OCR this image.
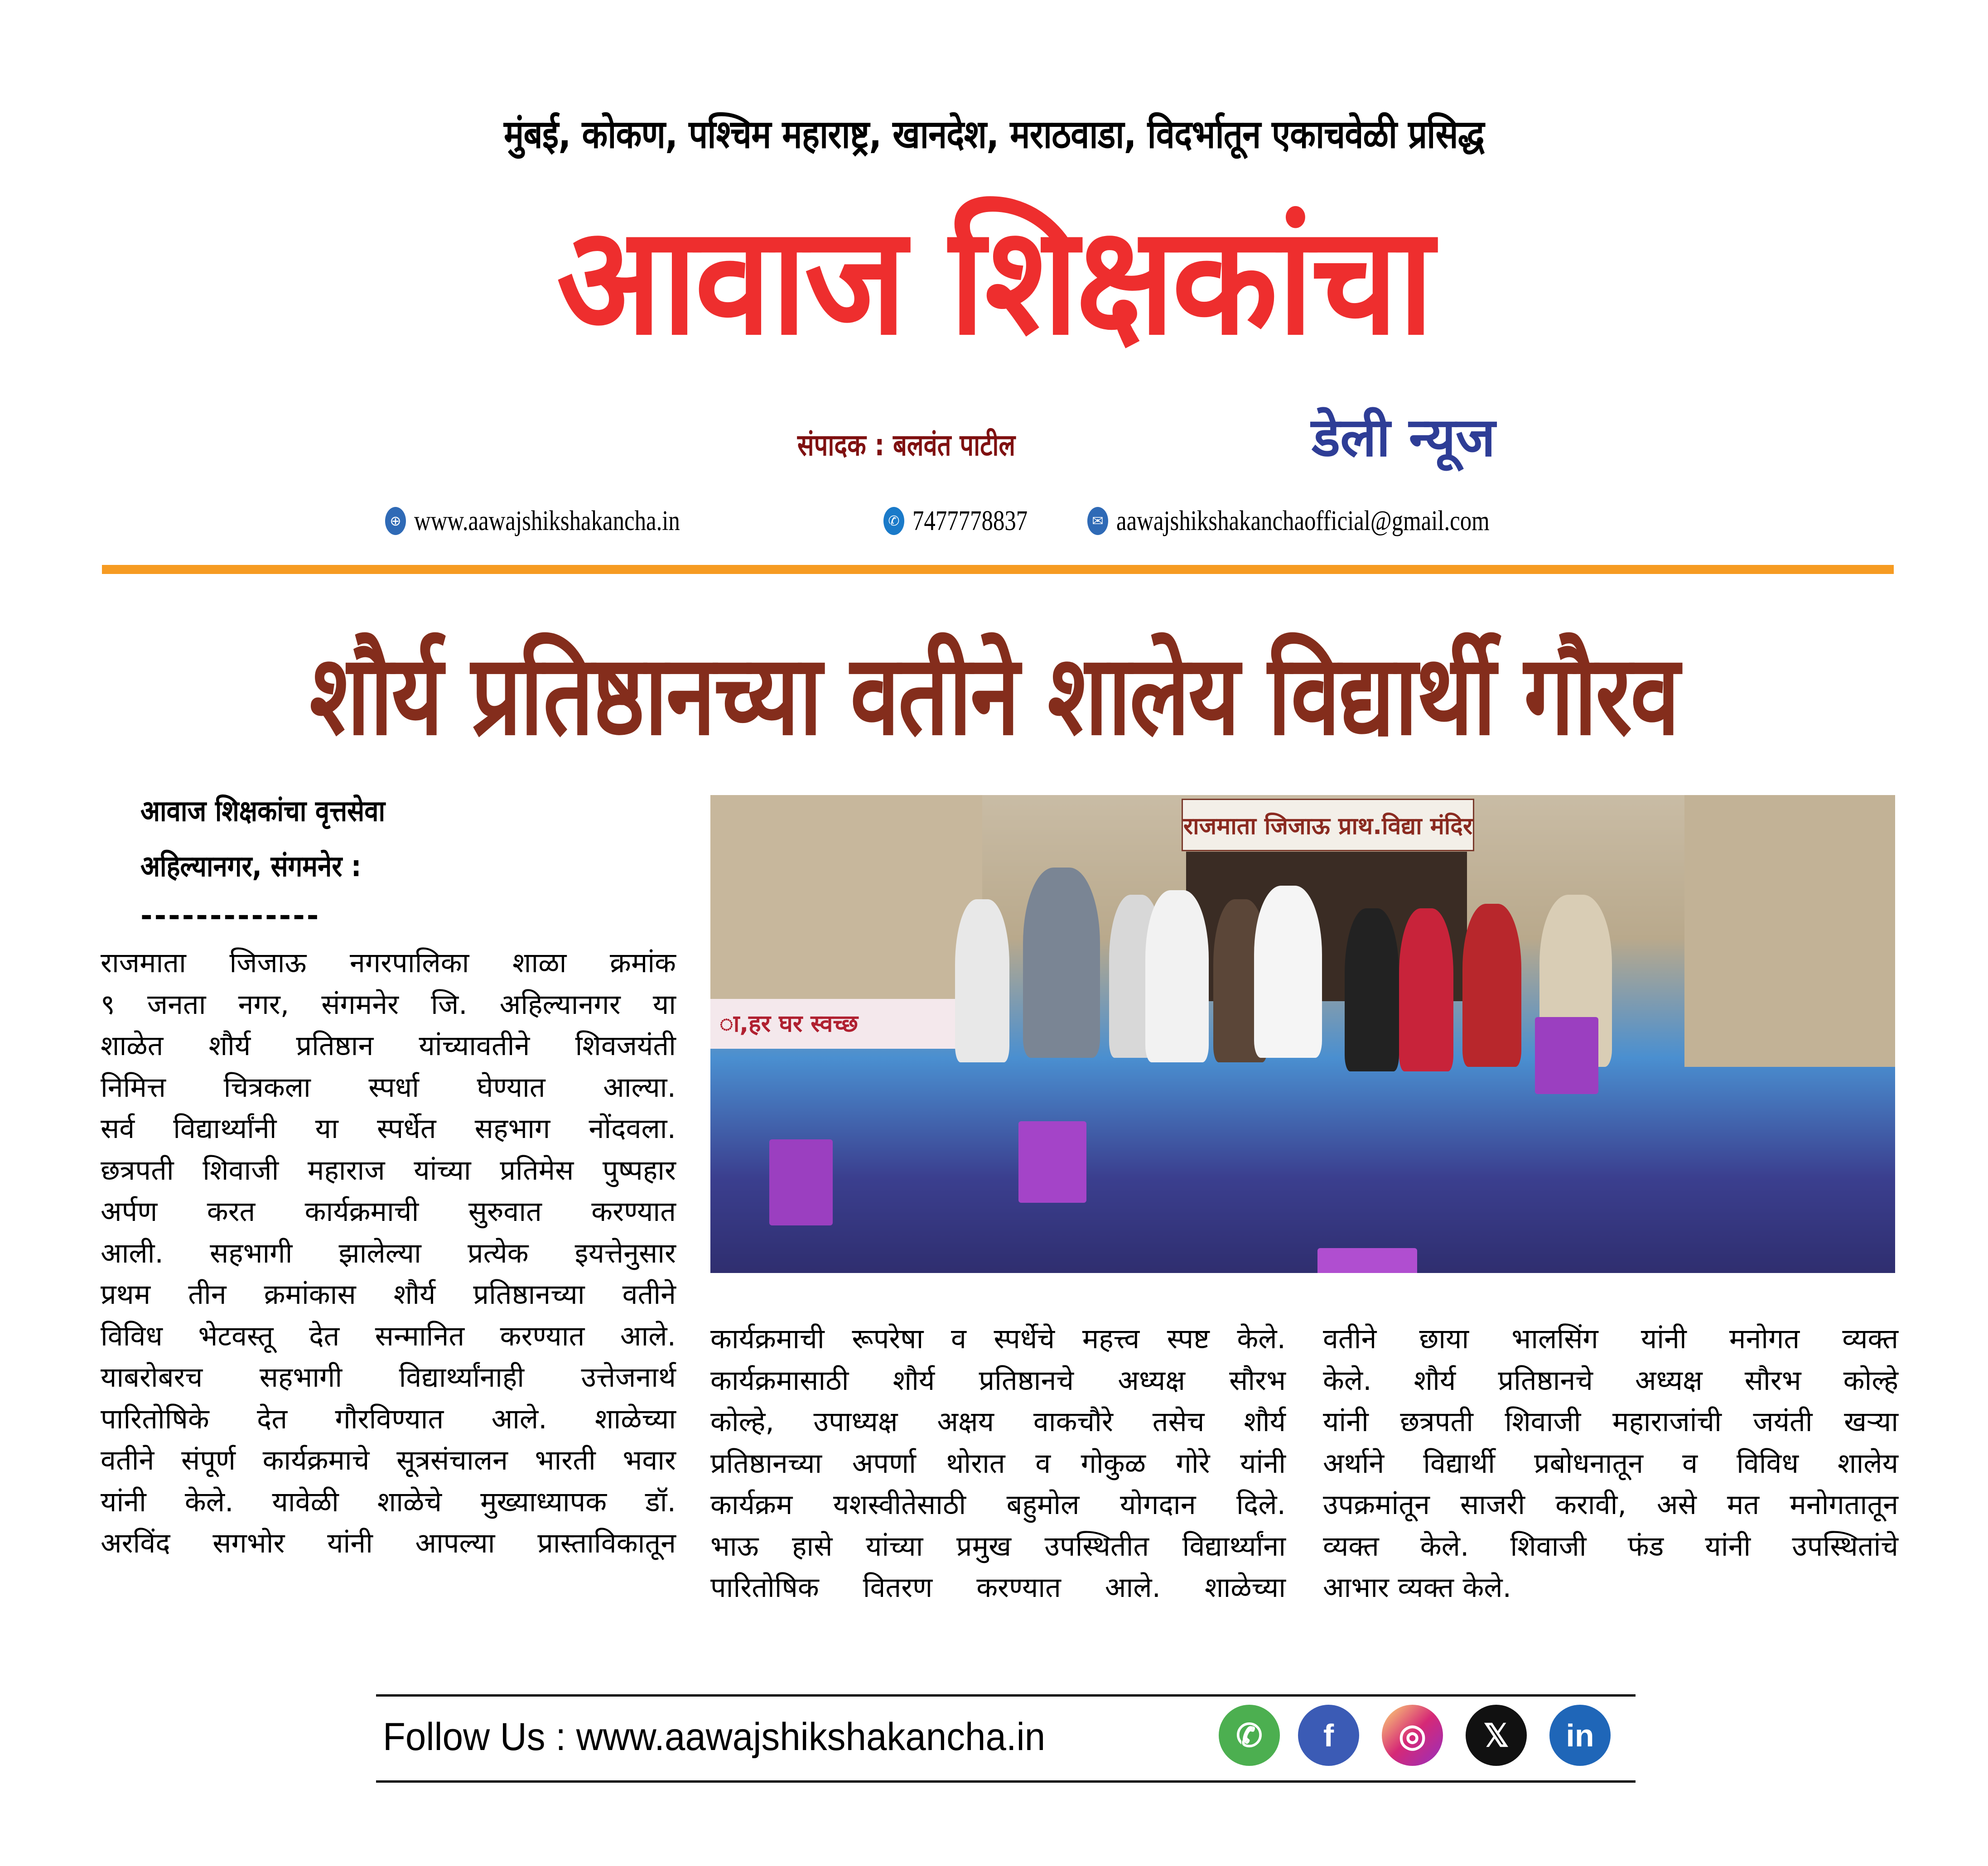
मुंबई, कोकण, पश्चिम महाराष्ट्र, खानदेश, मराठवाडा, विदर्भातून एकाचवेळी प्रसिद्ध
आवाज शिक्षकांचा
संपादक : बलवंत पाटील	डेली न्यूज
⊕ www.aawajshikshakancha.in	✆ 7477778837	✉ aawajshikshakanchaofficial@gmail.com
शौर्य प्रतिष्ठानच्या वतीने शालेय विद्यार्थी गौरव
आवाज शिक्षकांचा वृत्तसेवा
अहिल्यानगर, संगमनेर :
-------------
राजमाता जिजाऊ प्राथ.विद्या मंदिर
ा,हर घर स्वच्छ
राजमाता जिजाऊ नगरपालिका शाळा क्रमांक
९ जनता नगर, संगमनेर जि. अहिल्यानगर या
शाळेत शौर्य प्रतिष्ठान यांच्यावतीने शिवजयंती
निमित्त चित्रकला स्पर्धा घेण्यात आल्या.
सर्व विद्यार्थ्यांनी या स्पर्धेत सहभाग नोंदवला.
छत्रपती शिवाजी महाराज यांच्या प्रतिमेस पुष्पहार
अर्पण करत कार्यक्रमाची सुरुवात करण्यात
आली. सहभागी झालेल्या प्रत्येक इयत्तेनुसार
प्रथम तीन क्रमांकास शौर्य प्रतिष्ठानच्या वतीने
विविध भेटवस्तू देत सन्मानित करण्यात आले.
याबरोबरच सहभागी विद्यार्थ्यांनाही उत्तेजनार्थ
पारितोषिके देत गौरविण्यात आले. शाळेच्या
वतीने संपूर्ण कार्यक्रमाचे सूत्रसंचालन भारती भवार
यांनी केले. यावेळी शाळेचे मुख्याध्यापक डॉ.
अरविंद सगभोर यांनी आपल्या प्रास्ताविकातून
कार्यक्रमाची रूपरेषा व स्पर्धेचे महत्त्व स्पष्ट केले.
कार्यक्रमासाठी शौर्य प्रतिष्ठानचे अध्यक्ष सौरभ
कोल्हे, उपाध्यक्ष अक्षय वाकचौरे तसेच शौर्य
प्रतिष्ठानच्या अपर्णा थोरात व गोकुळ गोरे यांनी
कार्यक्रम यशस्वीतेसाठी बहुमोल योगदान दिले.
भाऊ हासे यांच्या प्रमुख उपस्थितीत विद्यार्थ्यांना
पारितोषिक वितरण करण्यात आले. शाळेच्या
वतीने छाया भालसिंग यांनी मनोगत व्यक्त
केले. शौर्य प्रतिष्ठानचे अध्यक्ष सौरभ कोल्हे
यांनी छत्रपती शिवाजी महाराजांची जयंती खऱ्या
अर्थाने विद्यार्थी प्रबोधनातून व विविध शालेय
उपक्रमांतून साजरी करावी, असे मत मनोगतातून
व्यक्त केले. शिवाजी फंड यांनी उपस्थितांचे
आभार व्यक्त केले.
Follow Us : www.aawajshikshakancha.in	✆ f ◎ 𝕏 in
